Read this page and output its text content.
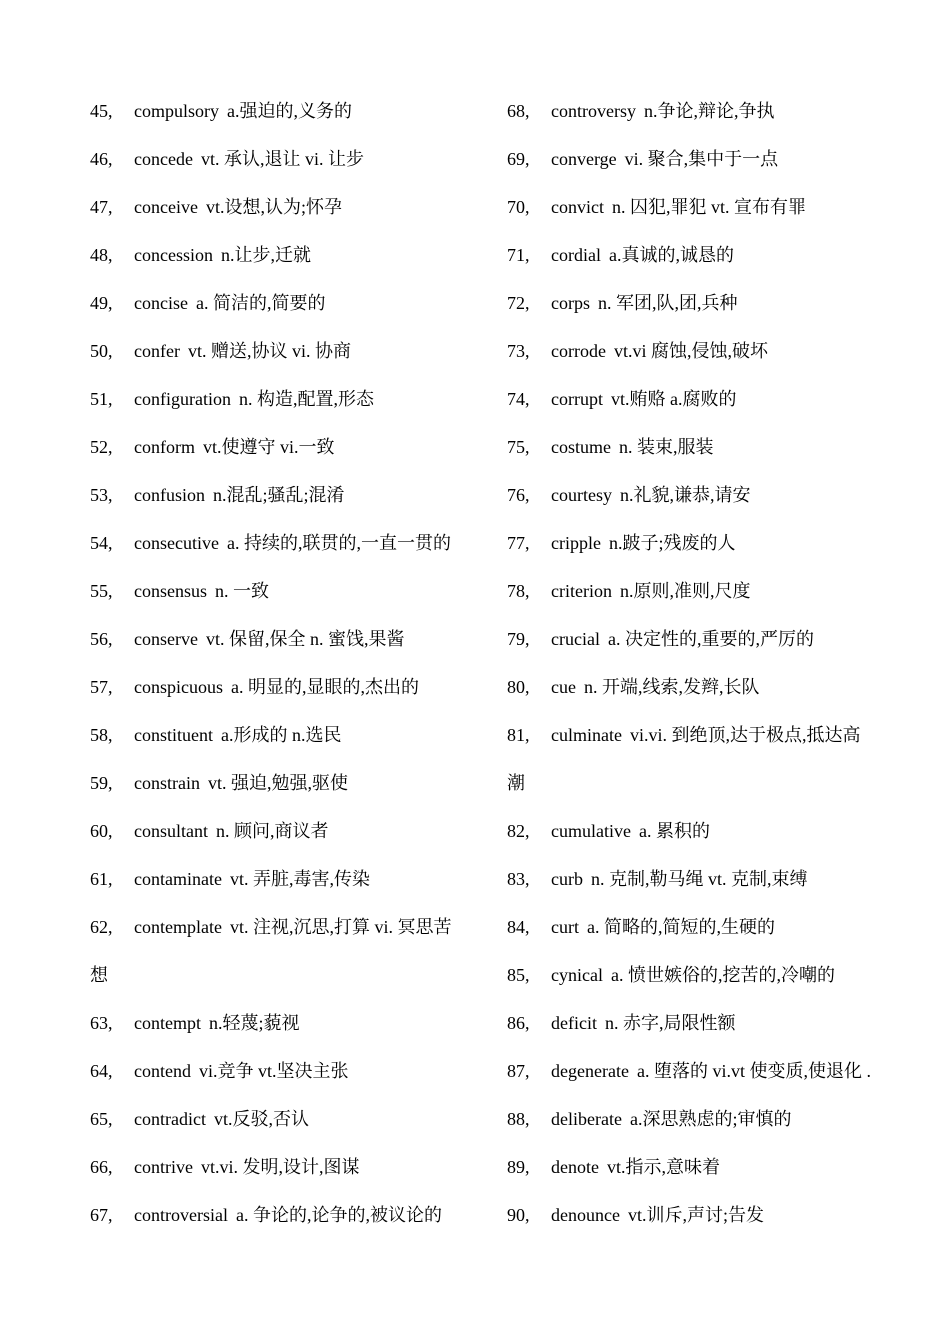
45, compulsory a.强迫的,义务的
46, concede vt. 承认,退让 vi. 让步
47, conceive vt.设想,认为;怀孕
48, concession n.让步,迁就
49, concise a. 简洁的,简要的
50, confer vt. 赠送,协议 vi. 协商
51, configuration n. 构造,配置,形态
52, conform vt.使遵守 vi.一致
53, confusion n.混乱;骚乱;混淆
54, consecutive a. 持续的,联贯的,一直一贯的
55, consensus n. 一致
56, conserve vt. 保留,保全 n. 蜜饯,果酱
57, conspicuous a. 明显的,显眼的,杰出的
58, constituent a.形成的 n.选民
59, constrain vt. 强迫,勉强,驱使
60, consultant n. 顾问,商议者
61, contaminate vt. 弄脏,毒害,传染
62, contemplate vt. 注视,沉思,打算 vi. 冥思苦
想
63, contempt n.轻蔑;藐视
64, contend vi.竞争 vt.坚决主张
65, contradict vt.反驳,否认
66, contrive vt.vi. 发明,设计,图谋
67, controversial a. 争论的,论争的,被议论的
68, controversy n.争论,辩论,争执
69, converge vi. 聚合,集中于一点
70, convict n. 囚犯,罪犯 vt. 宣布有罪
71, cordial a.真诚的,诚恳的
72, corps n. 军团,队,团,兵种
73, corrode vt.vi 腐蚀,侵蚀,破坏
74, corrupt vt.贿赂 a.腐败的
75, costume n. 装束,服装
76, courtesy n.礼貌,谦恭,请安
77, cripple n.跛子;残废的人
78, criterion n.原则,准则,尺度
79, crucial a. 决定性的,重要的,严厉的
80, cue n. 开端,线索,发辫,长队
81, culminate vi.vi. 到绝顶,达于极点,抵达高
潮
82, cumulative a. 累积的
83, curb n. 克制,勒马绳 vt. 克制,束缚
84, curt a. 简略的,简短的,生硬的
85, cynical a. 愤世嫉俗的,挖苦的,冷嘲的
86, deficit n. 赤字,局限性额
87, degenerate a. 堕落的 vi.vt 使变质,使退化 .
88, deliberate a.深思熟虑的;审慎的
89, denote vt.指示,意味着
90, denounce vt.训斥,声讨;告发
